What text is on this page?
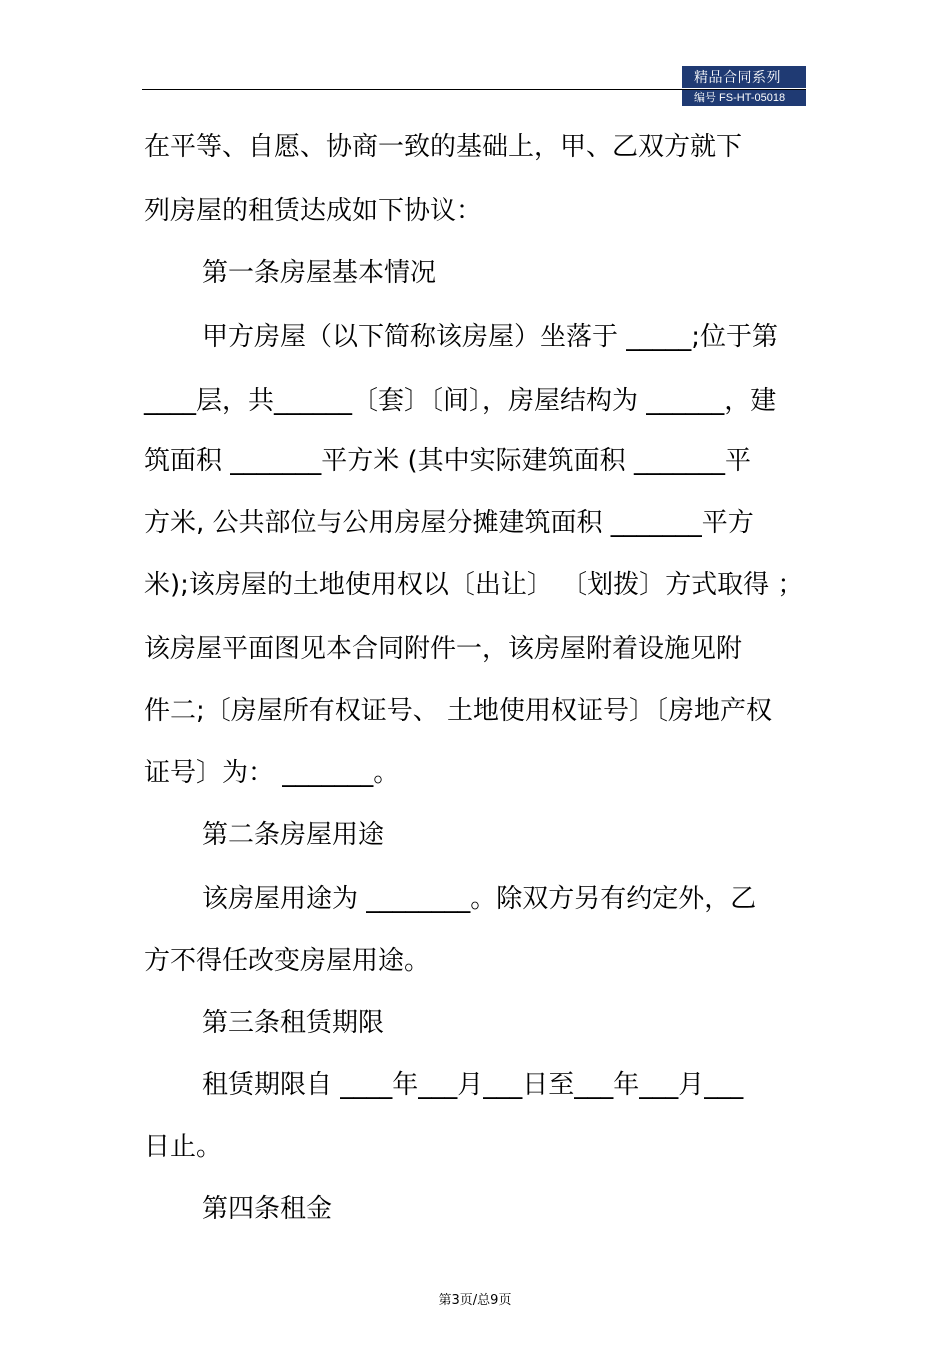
精品合同系列
编号 FS-HT-05018
在平等、自愿、协商一致的基础上，甲、乙双方就下
列房屋的租赁达成如下协议：
第一条房屋基本情况
甲方房屋（以下简称该房屋）坐落于 _____;位于第
____层，共______〔套〕〔间〕，房屋结构为 ______，建
筑面积 _______平方米 (其中实际建筑面积 _______平
方米, 公共部位与公用房屋分摊建筑面积 _______平方
米);该房屋的土地使用权以〔出让〕 〔划拨〕方式取得 ；
该房屋平面图见本合同附件一，该房屋附着设施见附
件二;〔房屋所有权证号、 土地使用权证号〕〔房地产权
证号〕为： _______。
第二条房屋用途
该房屋用途为 ________。除双方另有约定外，乙
方不得任改变房屋用途。
第三条租赁期限
租赁期限自 ____年___月___日至___年___月___
日止。
第四条租金
第3页/总9页
